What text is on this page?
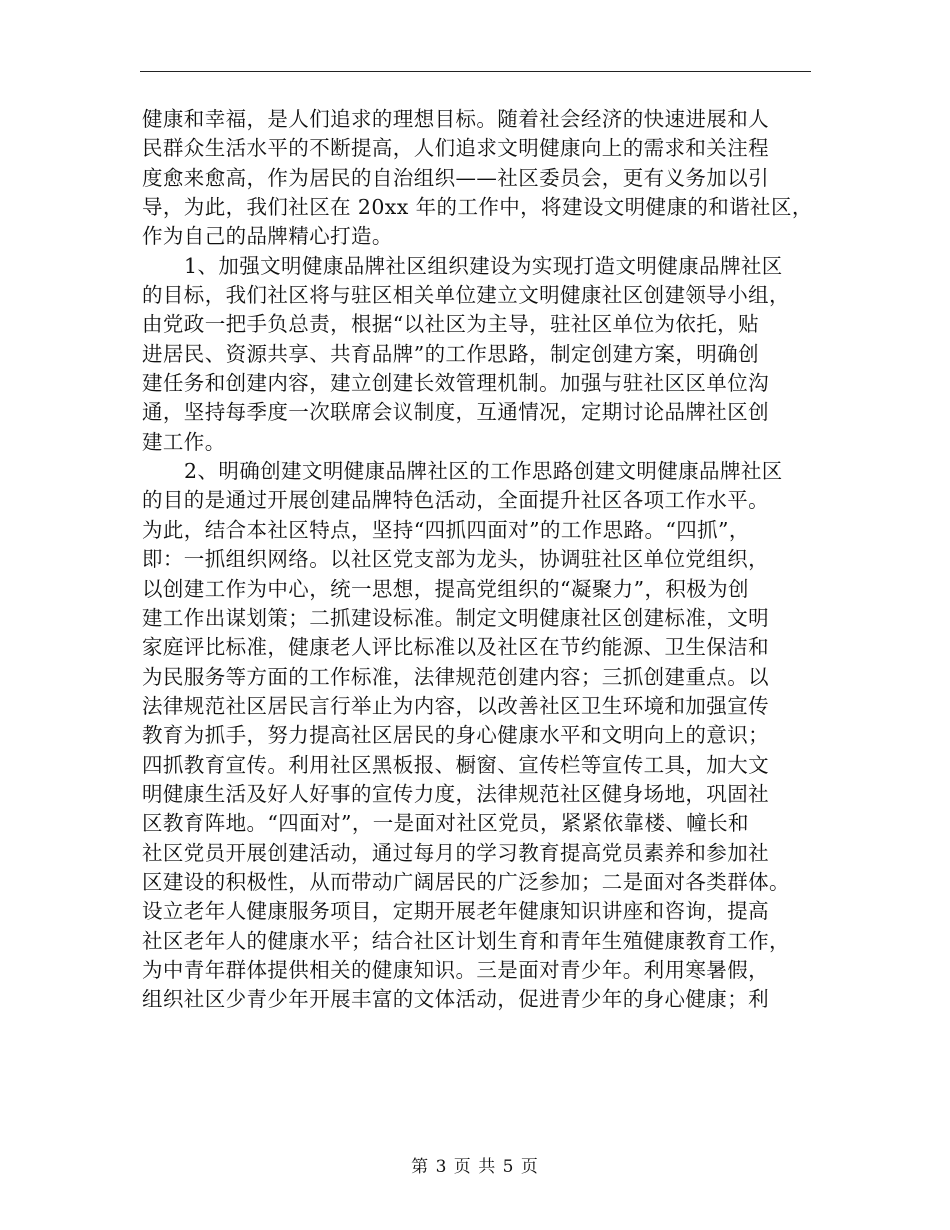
健康和幸福，是人们追求的理想目标。随着社会经济的快速进展和人
民群众生活水平的不断提高，人们追求文明健康向上的需求和关注程
度愈来愈高，作为居民的自治组织——社区委员会，更有义务加以引
导，为此，我们社区在 20xx 年的工作中，将建设文明健康的和谐社区，
作为自己的品牌精心打造。
1、加强文明健康品牌社区组织建设为实现打造文明健康品牌社区
的目标，我们社区将与驻区相关单位建立文明健康社区创建领导小组，
由党政一把手负总责，根据“以社区为主导，驻社区单位为依托，贴
进居民、资源共享、共育品牌”的工作思路，制定创建方案，明确创
建任务和创建内容，建立创建长效管理机制。加强与驻社区区单位沟
通，坚持每季度一次联席会议制度，互通情况，定期讨论品牌社区创
建工作。
2、明确创建文明健康品牌社区的工作思路创建文明健康品牌社区
的目的是通过开展创建品牌特色活动，全面提升社区各项工作水平。
为此，结合本社区特点，坚持“四抓四面对”的工作思路。“四抓”，
即：一抓组织网络。以社区党支部为龙头，协调驻社区单位党组织，
以创建工作为中心，统一思想，提高党组织的“凝聚力”，积极为创
建工作出谋划策；二抓建设标准。制定文明健康社区创建标准，文明
家庭评比标准，健康老人评比标准以及社区在节约能源、卫生保洁和
为民服务等方面的工作标准，法律规范创建内容；三抓创建重点。以
法律规范社区居民言行举止为内容，以改善社区卫生环境和加强宣传
教育为抓手，努力提高社区居民的身心健康水平和文明向上的意识；
四抓教育宣传。利用社区黑板报、橱窗、宣传栏等宣传工具，加大文
明健康生活及好人好事的宣传力度，法律规范社区健身场地，巩固社
区教育阵地。“四面对”，一是面对社区党员，紧紧依靠楼、幢长和
社区党员开展创建活动，通过每月的学习教育提高党员素养和参加社
区建设的积极性，从而带动广阔居民的广泛参加；二是面对各类群体。
设立老年人健康服务项目，定期开展老年健康知识讲座和咨询，提高
社区老年人的健康水平；结合社区计划生育和青年生殖健康教育工作，
为中青年群体提供相关的健康知识。三是面对青少年。利用寒暑假，
组织社区少青少年开展丰富的文体活动，促进青少年的身心健康；利
第 3 页 共 5 页
